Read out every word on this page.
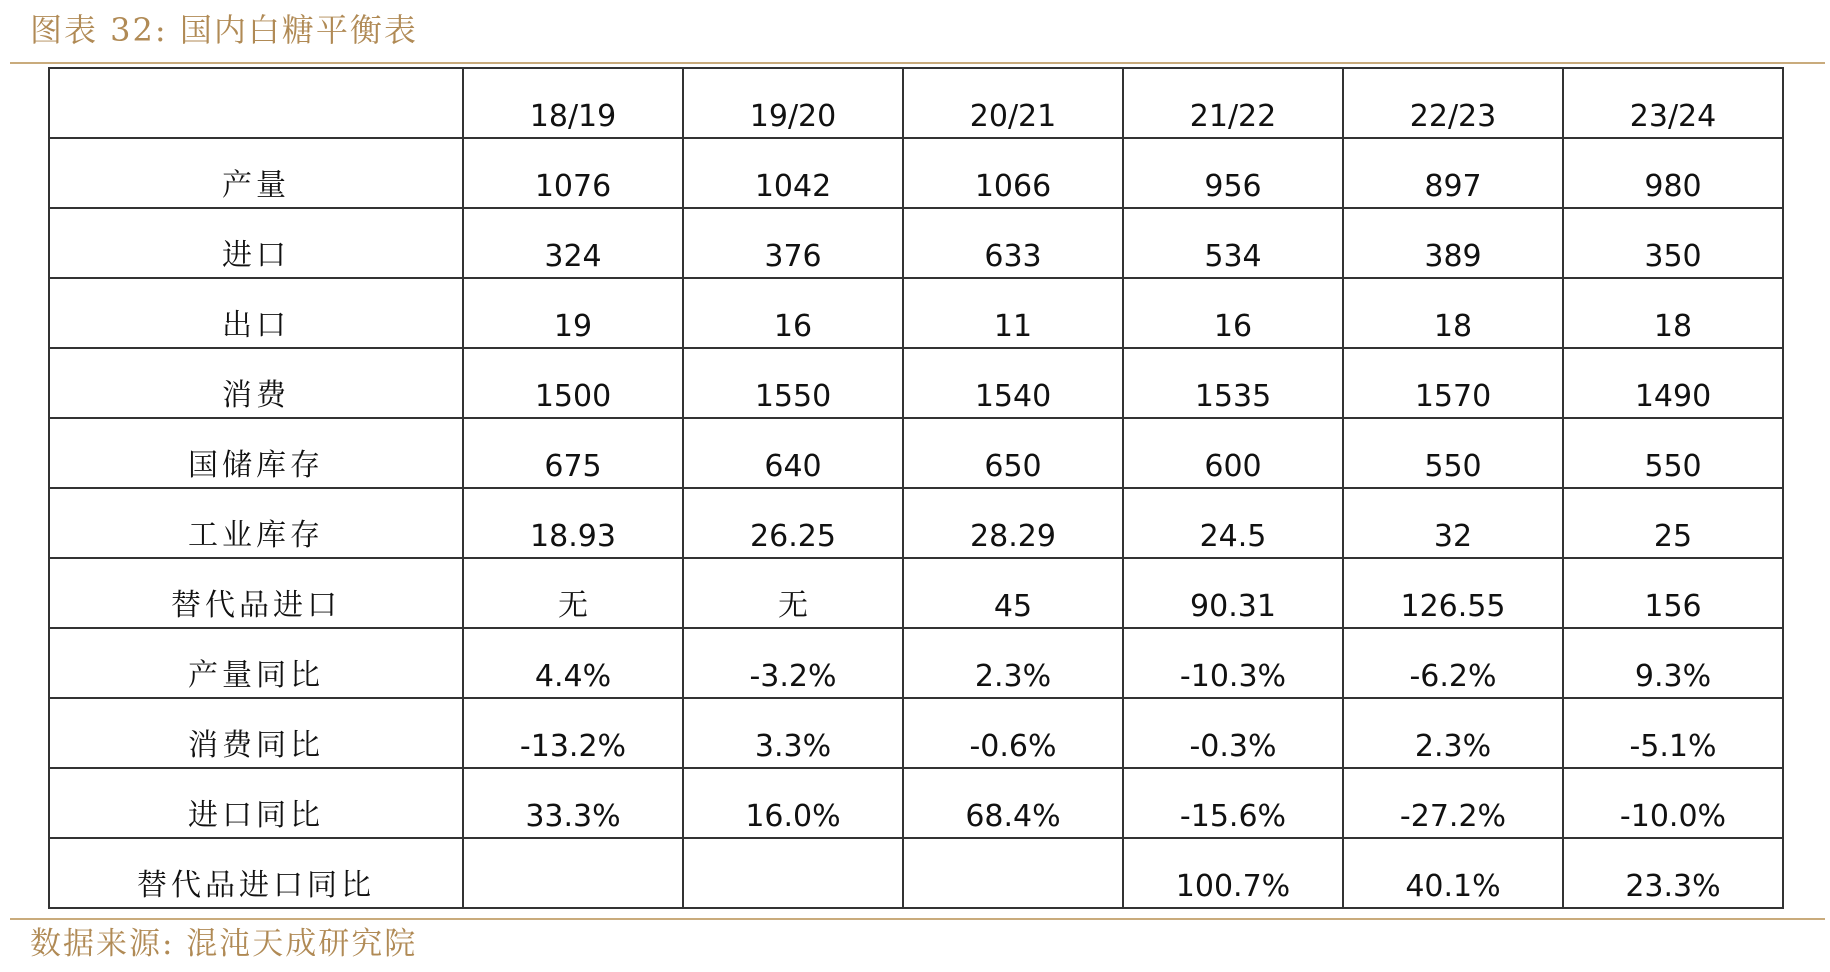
图表 32: 国内白糖平衡表
	18/19	19/20	20/21	21/22	22/23	23/24
产量	1076	1042	1066	956	897	980
进口	324	376	633	534	389	350
出口	19	16	11	16	18	18
消费	1500	1550	1540	1535	1570	1490
国储库存	675	640	650	600	550	550
工业库存	18.93	26.25	28.29	24.5	32	25
替代品进口	无	无	45	90.31	126.55	156
产量同比	4.4%	-3.2%	2.3%	-10.3%	-6.2%	9.3%
消费同比	-13.2%	3.3%	-0.6%	-0.3%	2.3%	-5.1%
进口同比	33.3%	16.0%	68.4%	-15.6%	-27.2%	-10.0%
替代品进口同比				100.7%	40.1%	23.3%
数据来源: 混沌天成研究院
